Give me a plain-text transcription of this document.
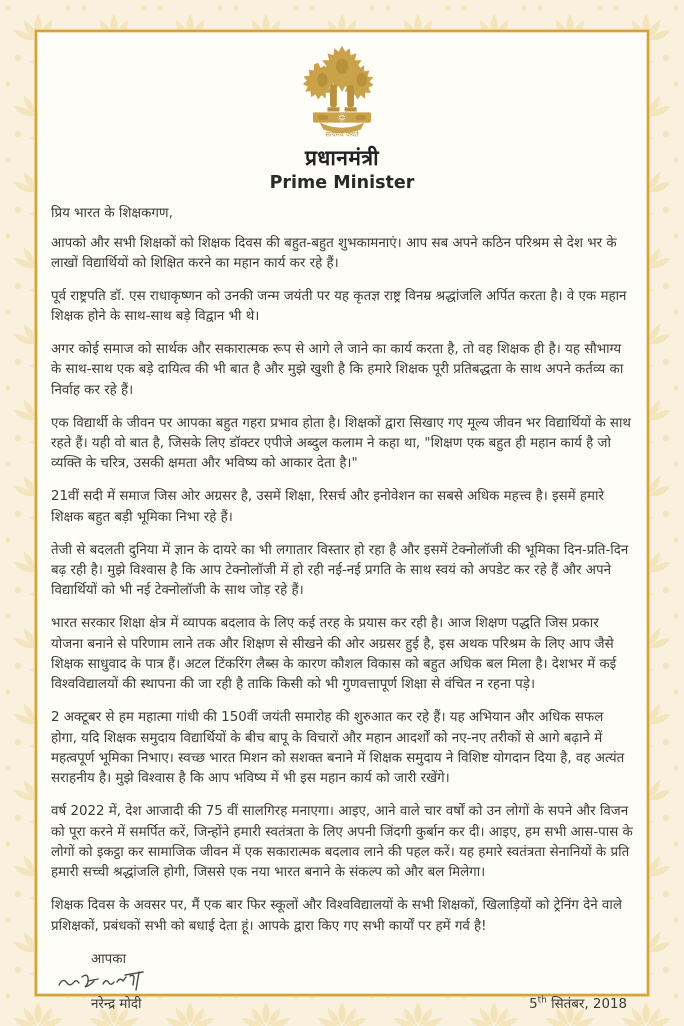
सत्यमेव जयते
प्रधानमंत्री
Prime Minister
प्रिय भारत के शिक्षकगण,

आपको और सभी शिक्षकों को शिक्षक दिवस की बहुत-बहुत शुभकामनाएं। आप सब अपने कठिन परिश्रम से देश भर के लाखों विद्यार्थियों को शिक्षित करने का महान कार्य कर रहे हैं।

पूर्व राष्ट्रपति डॉ. एस राधाकृष्णन को उनकी जन्म जयंती पर यह कृतज्ञ राष्ट्र विनम्र श्रद्धांजलि अर्पित करता है। वे एक महान शिक्षक होने के साथ-साथ बड़े विद्वान भी थे।

अगर कोई समाज को सार्थक और सकारात्मक रूप से आगे ले जाने का कार्य करता है, तो वह शिक्षक ही है। यह सौभाग्य के साथ-साथ एक बड़े दायित्व की भी बात है और मुझे खुशी है कि हमारे शिक्षक पूरी प्रतिबद्धता के साथ अपने कर्तव्य का निर्वाह कर रहे हैं।

एक विद्यार्थी के जीवन पर आपका बहुत गहरा प्रभाव होता है। शिक्षकों द्वारा सिखाए गए मूल्य जीवन भर विद्यार्थियों के साथ रहते हैं। यही वो बात है, जिसके लिए डॉक्टर एपीजे अब्दुल कलाम ने कहा था, "शिक्षण एक बहुत ही महान कार्य है जो व्यक्ति के चरित्र, उसकी क्षमता और भविष्य को आकार देता है।"

21वीं सदी में समाज जिस ओर अग्रसर है, उसमें शिक्षा, रिसर्च और इनोवेशन का सबसे अधिक महत्त्व है। इसमें हमारे शिक्षक बहुत बड़ी भूमिका निभा रहे हैं।

तेजी से बदलती दुनिया में ज्ञान के दायरे का भी लगातार विस्तार हो रहा है और इसमें टेक्नोलॉजी की भूमिका दिन-प्रति-दिन बढ़ रही है। मुझे विश्वास है कि आप टेक्नोलॉजी में हो रही नई-नई प्रगति के साथ स्वयं को अपडेट कर रहे हैं और अपने विद्यार्थियों को भी नई टेक्नोलॉजी के साथ जोड़ रहे हैं।

भारत सरकार शिक्षा क्षेत्र में व्यापक बदलाव के लिए कई तरह के प्रयास कर रही है। आज शिक्षण पद्धति जिस प्रकार योजना बनाने से परिणाम लाने तक और शिक्षण से सीखने की ओर अग्रसर हुई है, इस अथक परिश्रम के लिए आप जैसे शिक्षक साधुवाद के पात्र हैं। अटल टिंकरिंग लैब्स के कारण कौशल विकास को बहुत अधिक बल मिला है। देशभर में कई विश्वविद्यालयों की स्थापना की जा रही है ताकि किसी को भी गुणवत्तापूर्ण शिक्षा से वंचित न रहना पड़े।

2 अक्टूबर से हम महात्मा गांधी की 150वीं जयंती समारोह की शुरुआत कर रहे हैं। यह अभियान और अधिक सफल होगा, यदि शिक्षक समुदाय विद्यार्थियों के बीच बापू के विचारों और महान आदर्शों को नए-नए तरीकों से आगे बढ़ाने में महत्वपूर्ण भूमिका निभाए। स्वच्छ भारत मिशन को सशक्त बनाने में शिक्षक समुदाय ने विशिष्ट योगदान दिया है, वह अत्यंत सराहनीय है। मुझे विश्वास है कि आप भविष्य में भी इस महान कार्य को जारी रखेंगे।

वर्ष 2022 में, देश आजादी की 75 वीं सालगिरह मनाएगा। आइए, आने वाले चार वर्षों को उन लोगों के सपने और विजन को पूरा करने में समर्पित करें, जिन्होंने हमारी स्वतंत्रता के लिए अपनी जिंदगी कुर्बान कर दी। आइए, हम सभी आस-पास के लोगों को इकट्ठा कर सामाजिक जीवन में एक सकारात्मक बदलाव लाने की पहल करें। यह हमारे स्वतंत्रता सेनानियों के प्रति हमारी सच्ची श्रद्धांजलि होगी, जिससे एक नया भारत बनाने के संकल्प को और बल मिलेगा।

शिक्षक दिवस के अवसर पर, मैं एक बार फिर स्कूलों और विश्वविद्यालयों के सभी शिक्षकों, खिलाड़ियों को ट्रेनिंग देने वाले प्रशिक्षकों, प्रबंधकों सभी को बधाई देता हूं। आपके द्वारा किए गए सभी कार्यों पर हमें गर्व है!

आपका
नरेन्द्र मोदी	5th सितंबर, 2018
